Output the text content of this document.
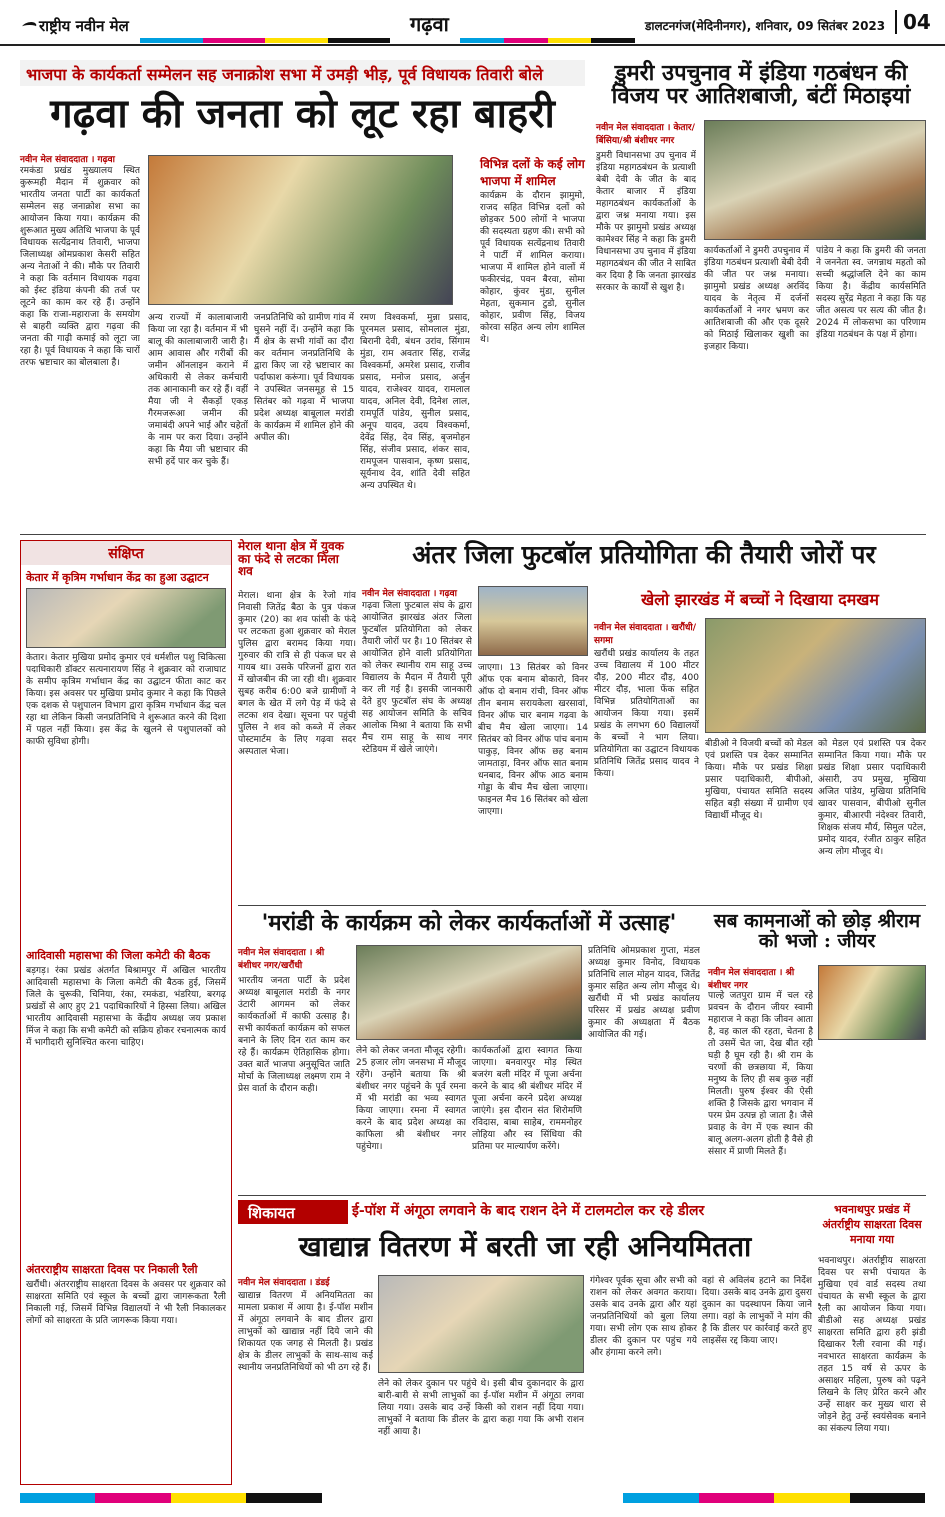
राष्ट्रीय नवीन मेल	गढ़वा	डालटनगंज(मेदिनीनगर), शनिवार, 09 सितंबर 2023 04
भाजपा के कार्यकर्ता सम्मेलन सह जनाक्रोश सभा में उमड़ी भीड़, पूर्व विधायक तिवारी बोले
गढ़वा की जनता को लूट रहा बाहरी
नवीन मेल संवाददाता । गढ़वा
रमकंडा प्रखंड मुख्यालय स्थित कुरूमही मैदान में शुक्रवार को भारतीय जनता पार्टी का कार्यकर्ता सम्मेलन सह जनाक्रोश सभा का आयोजन किया गया। कार्यक्रम की शुरूआत मुख्य अतिथि भाजपा के पूर्व विधायक सत्येंद्रनाथ तिवारी, भाजपा जिलाध्यक्ष ओमप्रकाश केसरी सहित अन्य नेताओं ने की। मौके पर तिवारी ने कहा कि वर्तमान विधायक गढ़वा को ईस्ट इंडिया कंपनी की तर्ज पर लूटने का काम कर रहे हैं। उन्होंने कहा कि राजा-महाराजा के समयोग से बाहरी व्यक्ति द्वारा गढ़वा की जनता की गाढ़ी कमाई को लूटा जा रहा है। पूर्व विधायक ने कहा कि चारों तरफ भ्रष्टाचार का बोलबाला है।
अन्य राज्यों में कालाबाजारी किया जा रहा है। वर्तमान में भी बालू की कालाबाजारी जारी है। आम आवास और गरीबों की जमीन ऑनलाइन कराने में अधिकारी से लेकर कर्मचारी तक आनाकानी कर रहे हैं। वहीं मैया जी ने सैकड़ों एकड़ गैरमजरूआ जमीन की जमाबंदी अपने भाई और चहेतों के नाम पर करा दिया। उन्होंने कहा कि मैया जी भ्रष्टाचार की सभी हदें पार कर चुके हैं।
जनप्रतिनिधि को ग्रामीण गांव में घुसने नहीं दें। उन्होंने कहा कि मैं क्षेत्र के सभी गांवों का दौरा कर वर्तमान जनप्रतिनिधि के द्वारा किए जा रहे भ्रष्टाचार का पर्दाफाश करूंगा। पूर्व विधायक ने उपस्थित जनसमूह से 15 सितंबर को गढ़वा में भाजपा प्रदेश अध्यक्ष बाबूलाल मरांडी के कार्यक्रम में शामिल होने की अपील की।
रमण विश्वकर्मा, मुन्ना प्रसाद, पूरनमल प्रसाद, सोमलाल मुंडा, बिरानी देवी, बंधन उरांव, सिंगाम मुंडा, राम अवतार सिंह, राजेंद्र विश्वकर्मा, अमरेश प्रसाद, राजीव प्रसाद, मनोज प्रसाद, अर्जुन यादव, राजेश्वर यादव, रामलाल यादव, अनिल देवी, दिनेश लाल, रामपूर्ति पांडेय, सुनील प्रसाद, अनूप यादव, उदय विश्वकर्मा, देवेंद्र सिंह, देव सिंह, बृजमोहन सिंह, संजीव प्रसाद, शंकर साव, रामपूजन पासवान, कृष्ण प्रसाद, सूर्यनाथ देव, शांति देवी सहित अन्य उपस्थित थे।
विभिन्न दलों के कई लोग भाजपा में शामिल
कार्यक्रम के दौरान झामुमो, राजद सहित विभिन्न दलों को छोड़कर 500 लोगों ने भाजपा की सदस्यता ग्रहण की। सभी को पूर्व विधायक सत्येंद्रनाथ तिवारी ने पार्टी में शामिल कराया। भाजपा में शामिल होने वालों में फकीरचंद्र, पवन बैरवा, सोमा कोहार, कुंवर मुंडा, सुनील मेहता, सुकमान टुडो, सुनील कोहार, प्रवीण सिंह, विजय कोरवा सहित अन्य लोग शामिल थे।
डुमरी उपचुनाव में इंडिया गठबंधन की विजय पर आतिशबाजी, बंटीं मिठाइयां
नवीन मेल संवाददाता । केतार/बिंसिया/श्री बंशीधर नगर
डुमरी विधानसभा उप चुनाव में इंडिया महागठबंधन के प्रत्याशी बेबी देवी के जीत के बाद केतार बाजार में इंडिया महागठबंधन कार्यकर्ताओं के द्वारा जश्न मनाया गया। इस मौके पर झामुमो प्रखंड अध्यक्ष कामेश्वर सिंह ने कहा कि डुमरी विधानसभा उप चुनाव में इंडिया महागठबंधन की जीत ने साबित कर दिया है कि जनता झारखंड सरकार के कार्यों से खुश है।
कार्यकर्ताओं ने डुमरी उपचुनाव में इंडिया गठबंधन प्रत्याशी बेबी देवी की जीत पर जश्न मनाया। झामुमो प्रखंड अध्यक्ष अरविंद यादव के नेतृत्व में दर्जनों कार्यकर्ताओं ने नगर भ्रमण कर आतिशबाजी की और एक दूसरे को मिठाई खिलाकर खुशी का इजहार किया।
पांडेय ने कहा कि डुमरी की जनता ने जननेता स्व. जगन्नाथ महतो को सच्ची श्रद्धांजलि देने का काम किया है। केंद्रीय कार्यसमिति सदस्य सुरेंद्र मेहता ने कहा कि यह जीत असत्य पर सत्य की जीत है। 2024 में लोकसभा का परिणाम इंडिया गठबंधन के पक्ष में होगा।
संक्षिप्त
केतार में कृत्रिम गर्भाधान केंद्र का हुआ उद्घाटन
केतार। केतार मुखिया प्रमोद कुमार एवं धर्मशील पशु चिकित्सा पदाधिकारी डॉक्टर सत्यनारायण सिंह ने शुक्रवार को राजाघाट के समीप कृत्रिम गर्भाधान केंद्र का उद्घाटन फीता काट कर किया। इस अवसर पर मुखिया प्रमोद कुमार ने कहा कि पिछले एक दशक से पशुपालन विभाग द्वारा कृत्रिम गर्भाधान केंद्र चल रहा था लेकिन किसी जनप्रतिनिधि ने शुरूआत करने की दिशा में पहल नहीं किया। इस केंद्र के खुलने से पशुपालकों को काफी सुविधा होगी।
आदिवासी महासभा की जिला कमेटी की बैठक
बड़गड़। रंका प्रखंड अंतर्गत बिश्रामपुर में अखिल भारतीय आदिवासी महासभा के जिला कमेटी की बैठक हुई, जिसमें जिले के चुरूकी, चिनिया, रंका, रमकंडा, भंडरिया, बरगढ़ प्रखंडों से आए हुए 21 पदाधिकारियों ने हिस्सा लिया। अखिल भारतीय आदिवासी महासभा के केंद्रीय अध्यक्ष जय प्रकाश मिंज ने कहा कि सभी कमेटी को सक्रिय होकर रचनात्मक कार्य में भागीदारी सुनिश्चित करना चाहिए।
अंतरराष्ट्रीय साक्षरता दिवस पर निकाली रैली
खरौंधी। अंतरराष्ट्रीय साक्षरता दिवस के अवसर पर शुक्रवार को साक्षरता समिति एवं स्कूल के बच्चों द्वारा जागरूकता रैली निकाली गई, जिसमें विभिन्न विद्यालयों ने भी रैली निकालकर लोगों को साक्षरता के प्रति जागरूक किया गया।
मेराल थाना क्षेत्र में युवक का फंदे से लटका मिला शव
मेराल। थाना क्षेत्र के रेजो गांव निवासी जितेंद्र बैठा के पुत्र पंकज कुमार (20) का शव फांसी के फंदे पर लटकता हुआ शुक्रवार को मेराल पुलिस द्वारा बरामद किया गया। गुरुवार की रात्रि से ही पंकज घर से गायब था। उसके परिजनों द्वारा रात में खोजबीन की जा रही थी। शुक्रवार सुबह करीब 6:00 बजे ग्रामीणों ने बगल के खेत में लगे पेड़ में फंदे से लटका शव देखा। सूचना पर पहुंची पुलिस ने शव को कब्जे में लेकर पोस्टमार्टम के लिए गढ़वा सदर अस्पताल भेजा।
अंतर जिला फुटबॉल प्रतियोगिता की तैयारी जोरों पर
नवीन मेल संवाददाता । गढ़वा
गढ़वा जिला फुटबाल संघ के द्वारा आयोजित झारखंड अंतर जिला फुटबॉल प्रतियोगिता को लेकर तैयारी जोरों पर है। 10 सितंबर से आयोजित होने वाली प्रतियोगिता को लेकर स्थानीय राम साहू उच्च विद्यालय के मैदान में तैयारी पूरी कर ली गई है। इसकी जानकारी देते हुए फुटबॉल संघ के अध्यक्ष सह आयोजन समिति के सचिव आलोक मिश्रा ने बताया कि सभी मैच राम साहू के साथ नगर स्टेडियम में खेले जाएंगे।
जाएगा। 13 सितंबर को विनर ऑफ एक बनाम बोकारो, विनर ऑफ दो बनाम रांची, विनर ऑफ तीन बनाम सरायकेला खरसावां, विनर ऑफ चार बनाम गढ़वा के बीच मैच खेला जाएगा। 14 सितंबर को विनर ऑफ पांच बनाम पाकुड़, विनर ऑफ छह बनाम जामताड़ा, विनर ऑफ सात बनाम धनबाद, विनर ऑफ आठ बनाम गोड्डा के बीच मैच खेला जाएगा। फाइनल मैच 16 सितंबर को खेला जाएगा।
खेलो झारखंड में बच्चों ने दिखाया दमखम
नवीन मेल संवाददाता । खरौंधी/सगमा
खरौंधी प्रखंड कार्यालय के तहत उच्च विद्यालय में 100 मीटर दौड़, 200 मीटर दौड़, 400 मीटर दौड़, भाला फेंक सहित विभिन्न प्रतियोगिताओं का आयोजन किया गया। इसमें प्रखंड के लगभग 60 विद्यालयों के बच्चों ने भाग लिया। प्रतियोगिता का उद्घाटन विधायक प्रतिनिधि जितेंद्र प्रसाद यादव ने किया।
बीडीओ ने विजयी बच्चों को मेडल एवं प्रशस्ति पत्र देकर सम्मानित किया। मौके पर प्रखंड शिक्षा प्रसार पदाधिकारी, बीपीओ, मुखिया, पंचायत समिति सदस्य सहित बड़ी संख्या में ग्रामीण एवं विद्यार्थी मौजूद थे।
को मेडल एवं प्रशस्ति पत्र देकर सम्मानित किया गया। मौके पर प्रखंड शिक्षा प्रसार पदाधिकारी अंसारी, उप प्रमुख, मुखिया अजित पांडेय, मुखिया प्रतिनिधि खावर पासवान, बीपीओ सुनील कुमार, बीआरपी नंदेश्वर तिवारी, शिक्षक संजय मौर्य, सिमुल पटेल, प्रमोद यादव, रंजीत ठाकुर सहित अन्य लोग मौजूद थे।
'मरांडी के कार्यक्रम को लेकर कार्यकर्ताओं में उत्साह'
नवीन मेल संवाददाता । श्री बंशीधर नगर/खरौंधी
भारतीय जनता पार्टी के प्रदेश अध्यक्ष बाबूलाल मरांडी के नगर उंटारी आगमन को लेकर कार्यकर्ताओं में काफी उत्साह है। सभी कार्यकर्ता कार्यक्रम को सफल बनाने के लिए दिन रात काम कर रहे हैं। कार्यक्रम ऐतिहासिक होगा। उक्त बातें भाजपा अनुसूचित जाति मोर्चा के जिलाध्यक्ष लक्ष्मण राम ने प्रेस वार्ता के दौरान कही।
लेने को लेकर जनता मौजूद रहेगी। 25 हजार लोग जनसभा में मौजूद रहेंगे। उन्होंने बताया कि श्री बंशीधर नगर पहुंचने के पूर्व रमना में भी मरांडी का भव्य स्वागत किया जाएगा। रमना में स्वागत करने के बाद प्रदेश अध्यक्ष का काफिला श्री बंशीधर नगर पहुंचेगा।
कार्यकर्ताओं द्वारा स्वागत किया जाएगा। बनवारपुर मोड़ स्थित बजरंग बली मंदिर में पूजा अर्चना करने के बाद श्री बंशीधर मंदिर में पूजा अर्चना करने प्रदेश अध्यक्ष जाएंगे। इस दौरान संत शिरोमणि रविदास, बाबा साहेब, राममनोहर लोहिया और स्व सिंधिया की प्रतिमा पर माल्यार्पण करेंगे।
प्रतिनिधि ओमप्रकाश गुप्ता, मंडल अध्यक्ष कुमार विनोद, विधायक प्रतिनिधि लाल मोहन यादव, जितेंद्र कुमार सहित अन्य लोग मौजूद थे। खरौंधी में भी प्रखंड कार्यालय परिसर में प्रखंड अध्यक्ष प्रवीण कुमार की अध्यक्षता में बैठक आयोजित की गई।
सब कामनाओं को छोड़ श्रीराम को भजो : जीयर
नवीन मेल संवाददाता । श्री बंशीधर नगर
पाल्हे जतपुरा ग्राम में चल रहे प्रवचन के दौरान जीयर स्वामी महाराज ने कहा कि जीवन आता है, वह काल की रहता, चेतना है तो उसमें चेत जा, देख बीत रही घड़ी है घूम रही है। श्री राम के चरणों की छत्रछाया में, किया मनुष्य के लिए ही सब कुछ नहीं मिलती। पुरुष ईश्वर की ऐसी शक्ति है जिसके द्वारा भगवान में परम प्रेम उत्पन्न हो जाता है। जैसे प्रवाह के वेग में एक स्थान की बालू अलग-अलग होती है वैसे ही संसार में प्राणी मिलते हैं।
शिकायत	ई-पॉश में अंगूठा लगवाने के बाद राशन देने में टालमटोल कर रहे डीलर
खाद्यान्न वितरण में बरती जा रही अनियमितता
नवीन मेल संवाददाता । डंडई
खाद्यान्न वितरण में अनियमितता का मामला प्रकाश में आया है। ई-पॉश मशीन में अंगूठा लगवाने के बाद डीलर द्वारा लाभुकों को खाद्यान्न नहीं दिये जाने की शिकायत एक जगह से मिलती है। प्रखंड क्षेत्र के डीलर लाभुकों के साथ-साथ कई स्थानीय जनप्रतिनिधियों को भी ठग रहे हैं।
लेने को लेकर दुकान पर पहुंचे थे। इसी बीच दुकानदार के द्वारा बारी-बारी से सभी लाभुकों का ई-पॉश मशीन में अंगूठा लगवा लिया गया। उसके बाद उन्हें किसी को राशन नहीं दिया गया। लाभुकों ने बताया कि डीलर के द्वारा कहा गया कि अभी राशन नहीं आया है।
गंगेश्वर पूर्वक सूचा और सभी को राशन को लेकर अवगत कराया। उसके बाद उनके द्वारा और यहां जनप्रतिनिधियों को बुला लिया गया। सभी लोग एक साथ होकर डीलर की दुकान पर पहुंच गये और हंगामा करने लगे।
वहां से अविलंब हटाने का निर्देश दिया। उसके बाद उनके द्वारा दुसरा दुकान का पदस्थापन किया जाने लगा। वहां के लाभुकों ने मांग की है कि डीलर पर कार्रवाई करते हुए लाइसेंस रद्द किया जाए।
भवनाथपुर प्रखंड में अंतर्राष्ट्रीय साक्षरता दिवस मनाया गया
भवनाथपुर। अंतर्राष्ट्रीय साक्षरता दिवस पर सभी पंचायत के मुखिया एवं वार्ड सदस्य तथा पंचायत के सभी स्कूल के द्वारा रैली का आयोजन किया गया। बीडीओ सह अध्यक्ष प्रखंड साक्षरता समिति द्वारा हरी झंडी दिखाकर रैली रवाना की गई। नवभारत साक्षरता कार्यक्रम के तहत 15 वर्ष से ऊपर के असाक्षर महिला, पुरुष को पढ़ने लिखने के लिए प्रेरित करने और उन्हें साक्षर कर मुख्य धारा से जोड़ने हेतु उन्हें स्वयंसेवक बनाने का संकल्प लिया गया।
